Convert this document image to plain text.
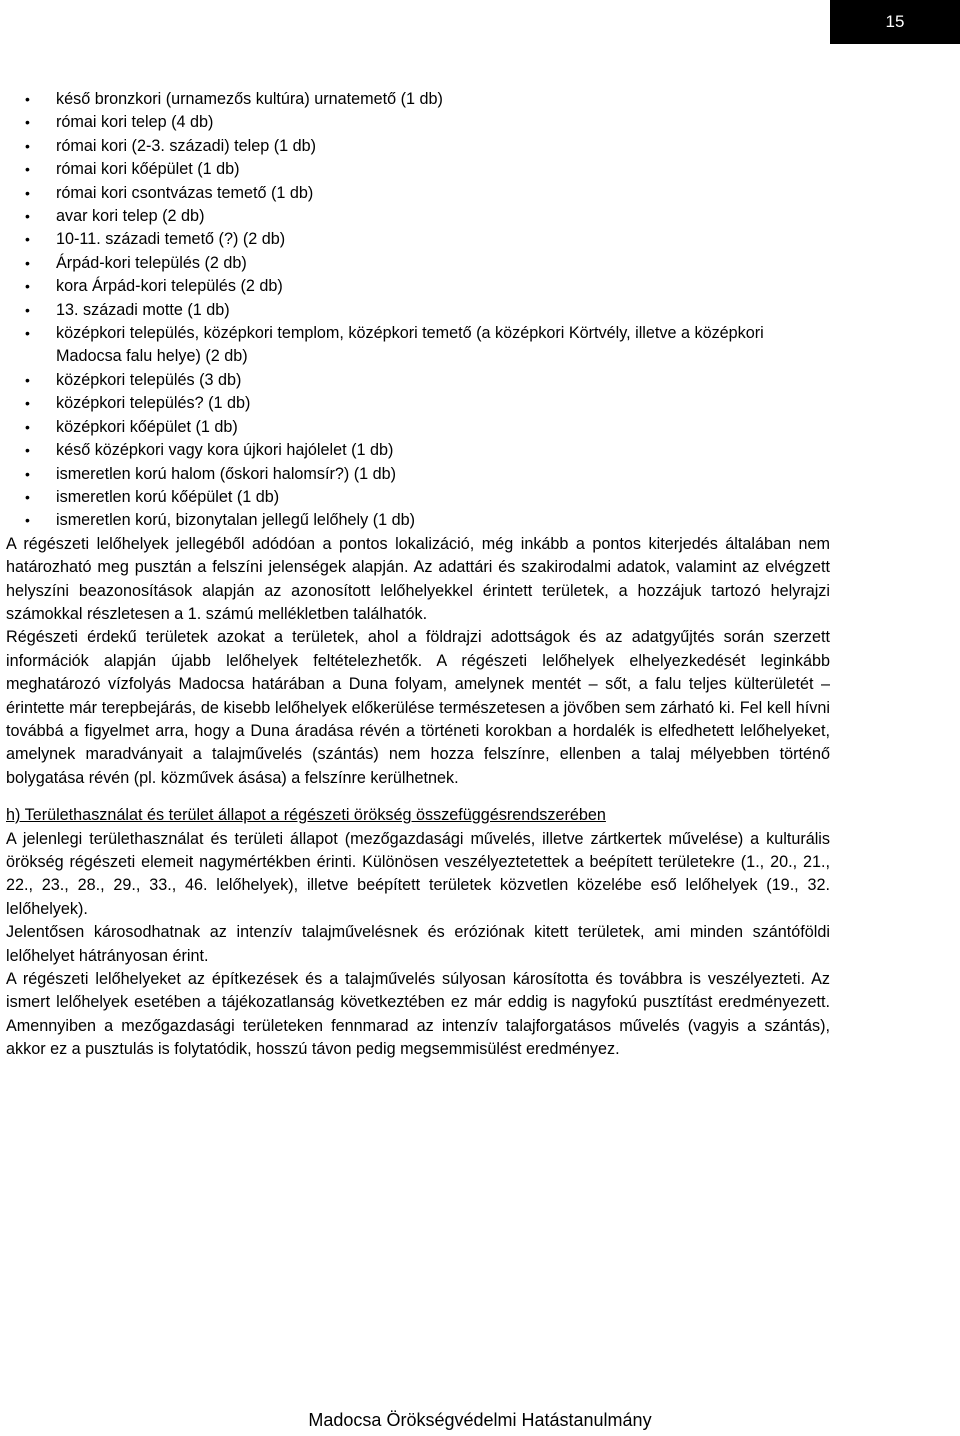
15
• késő bronzkori (urnamezős kultúra) urnatemető (1 db)
• római kori telep (4 db)
• római kori (2-3. századi) telep (1 db)
• római kori kőépület (1 db)
• római kori csontvázas temető (1 db)
• avar kori telep (2 db)
• 10-11. századi temető (?) (2 db)
• Árpád-kori település (2 db)
• kora Árpád-kori település (2 db)
• 13. századi motte (1 db)
• középkori település, középkori templom, középkori temető (a középkori Körtvély, illetve a középkori Madocsa falu helye) (2 db)
• középkori település (3 db)
• középkori település? (1 db)
• középkori kőépület (1 db)
• késő középkori vagy kora újkori hajólelet (1 db)
• ismeretlen korú halom (őskori halomsír?) (1 db)
• ismeretlen korú kőépület (1 db)
• ismeretlen korú, bizonytalan jellegű lelőhely (1 db)

A régészeti lelőhelyek jellegéből adódóan a pontos lokalizáció, még inkább a pontos kiterjedés általában nem határozható meg pusztán a felszíni jelenségek alapján. Az adattári és szakirodalmi adatok, valamint az elvégzett helyszíni beazonosítások alapján az azonosított lelőhelyekkel érintett területek, a hozzájuk tartozó helyrajzi számokkal részletesen a 1. számú mellékletben találhatók.

Régészeti érdekű területek azokat a területek, ahol a földrajzi adottságok és az adatgyűjtés során szerzett információk alapján újabb lelőhelyek feltételezhetők. A régészeti lelőhelyek elhelyezkedését leginkább meghatározó vízfolyás Madocsa határában a Duna folyam, amelynek mentét – sőt, a falu teljes külterületét – érintette már terepbejárás, de kisebb lelőhelyek előkerülése természetesen a jövőben sem zárható ki. Fel kell hívni továbbá a figyelmet arra, hogy a Duna áradása révén a történeti korokban a hordalék is elfedhetett lelőhelyeket, amelynek maradványait a talajművelés (szántás) nem hozza felszínre, ellenben a talaj mélyebben történő bolygatása révén (pl. közművek ásása) a felszínre kerülhetnek.

h) Területhasználat és terület állapot a régészeti örökség összefüggésrendszerében

A jelenlegi területhasználat és területi állapot (mezőgazdasági művelés, illetve zártkertek művelése) a kulturális örökség régészeti elemeit nagymértékben érinti. Különösen veszélyeztetettek a beépített területekre (1., 20., 21., 22., 23., 28., 29., 33., 46. lelőhelyek), illetve beépített területek közvetlen közelébe eső lelőhelyek (19., 32. lelőhelyek).

Jelentősen károsodhatnak az intenzív talajművelésnek és eróziónak kitett területek, ami minden szántóföldi lelőhelyet hátrányosan érint.

A régészeti lelőhelyeket az építkezések és a talajművelés súlyosan károsította és továbbra is veszélyezteti. Az ismert lelőhelyek esetében a tájékozatlanság következtében ez már eddig is nagyfokú pusztítást eredményezett. Amennyiben a mezőgazdasági területeken fennmarad az intenzív talajforgatásos művelés (vagyis a szántás), akkor ez a pusztulás is folytatódik, hosszú távon pedig megsemmisülést eredményez.

Madocsa Örökségvédelmi Hatástanulmány
